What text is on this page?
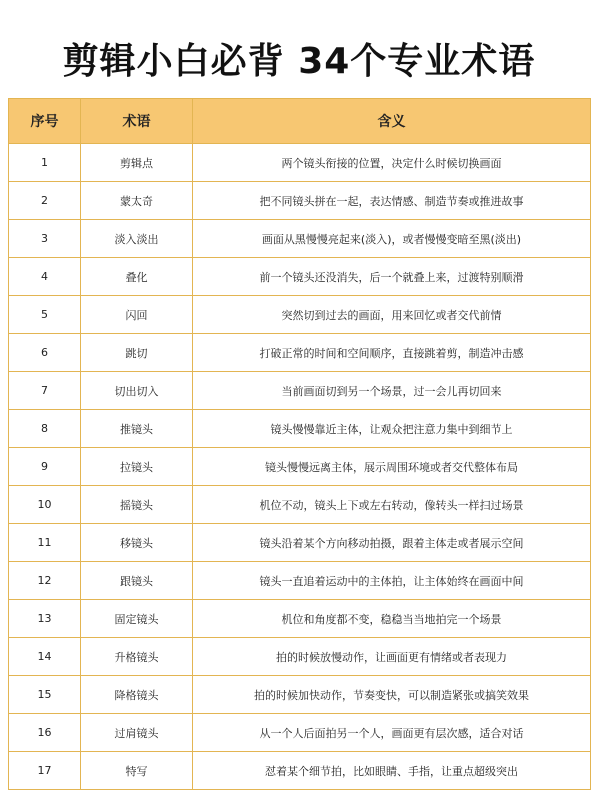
剪辑小白必背 34个专业术语
序号	术语	含义
1	剪辑点	两个镜头衔接的位置，决定什么时候切换画面
2	蒙太奇	把不同镜头拼在一起，表达情感、制造节奏或推进故事
3	淡入淡出	画面从黑慢慢亮起来(淡入)，或者慢慢变暗至黑(淡出)
4	叠化	前一个镜头还没消失，后一个就叠上来，过渡特别顺滑
5	闪回	突然切到过去的画面，用来回忆或者交代前情
6	跳切	打破正常的时间和空间顺序，直接跳着剪，制造冲击感
7	切出切入	当前画面切到另一个场景，过一会儿再切回来
8	推镜头	镜头慢慢靠近主体，让观众把注意力集中到细节上
9	拉镜头	镜头慢慢远离主体，展示周围环境或者交代整体布局
10	摇镜头	机位不动，镜头上下或左右转动，像转头一样扫过场景
11	移镜头	镜头沿着某个方向移动拍摄，跟着主体走或者展示空间
12	跟镜头	镜头一直追着运动中的主体拍，让主体始终在画面中间
13	固定镜头	机位和角度都不变，稳稳当当地拍完一个场景
14	升格镜头	拍的时候放慢动作，让画面更有情绪或者表现力
15	降格镜头	拍的时候加快动作，节奏变快，可以制造紧张或搞笑效果
16	过肩镜头	从一个人后面拍另一个人，画面更有层次感，适合对话
17	特写	怼着某个细节拍，比如眼睛、手指，让重点超级突出
